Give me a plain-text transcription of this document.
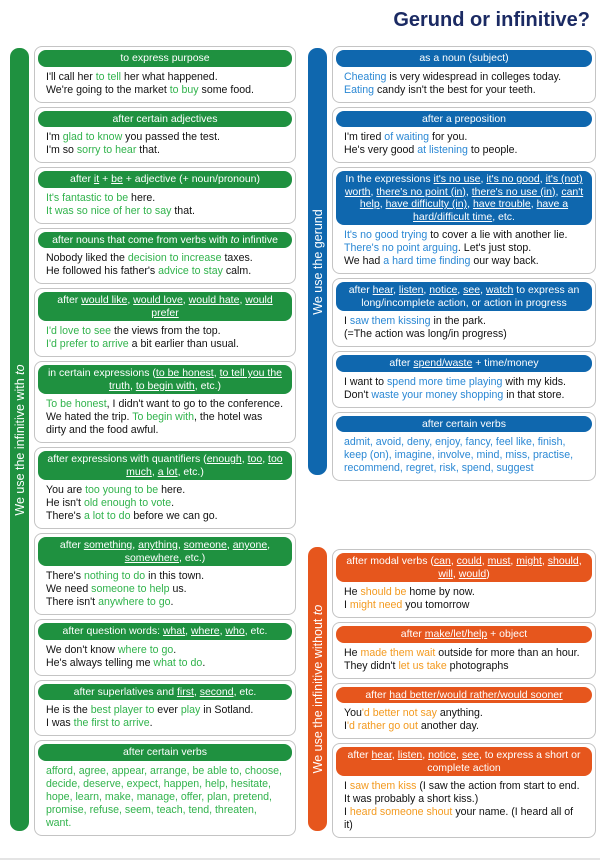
Gerund or infinitive?
We use the infinitive with to
We use the gerund
We use the infinitive without to
to express purpose

I'll call her to tell her what happened.

We're going to the market to buy some food.

after certain adjectives

I'm glad to know you passed the test.

I'm so sorry to hear that.

after it + be + adjective (+ noun/pronoun)

It's fantastic to be here.

It was so nice of her to say that.

after nouns that come from verbs with to infintive

Nobody liked the decision to increase taxes.

He followed his father's advice to stay calm.

after would like, would love, would hate, would prefer

I'd love to see the views from the top.

I'd prefer to arrive a bit earlier than usual.

in certain expressions (to be honest, to tell you the truth, to begin with, etc.)

To be honest, I didn't want to go to the conference.

We hated the trip. To begin with, the hotel was dirty and the food awful.

after expressions with quantifiers (enough, too, too much, a lot, etc.)

You are too young to be here.

He isn't old enough to vote.

There's a lot to do before we can go.

after something, anything, someone, anyone, somewhere, etc.)

There's nothing to do in this town.

We need someone to help us.

There isn't anywhere to go.

after question words: what, where, who, etc.

We don't know where to go.

He's always telling me what to do.

after superlatives and first, second, etc.

He is the best player to ever play in Sotland.

I was the first to arrive.

after certain verbs

afford, agree, appear, arrange, be able to, choose, decide, deserve, expect, happen, help, hesitate, hope, learn, make, manage, offer, plan, pretend, promise, refuse, seem, teach, tend, threaten, want.

as a noun (subject)

Cheating is very widespread in colleges today.

Eating candy isn't the best for your teeth.

after a preposition

I'm tired of waiting for you.

He's very good at listening to people.

In the expressions it's no use, it's no good, it's (not) worth, there's no point (in), there's no use (in), can't help, have difficulty (in), have trouble, have a hard/difficult time, etc.

It's no good trying to cover a lie with another lie.

There's no point arguing. Let's just stop.

We had a hard time finding our way back.

after hear, listen, notice, see, watch to express an long/incomplete action, or action in progress

I saw them kissing in the park.

(=The action was long/in progress)

after spend/waste + time/money

I want to spend more time playing with my kids.

Don't waste your money shopping in that store.

after certain verbs

admit, avoid, deny, enjoy, fancy, feel like, finish, keep (on), imagine, involve, mind, miss, practise, recommend, regret, risk, spend, suggest

after modal verbs (can, could, must, might, should, will, would)

He should be home by now.

I might need you tomorrow

after make/let/help + object

He made them wait outside for more than an hour.

They didn't let us take photographs

after had better/would rather/would sooner

You'd better not say anything.

I'd rather go out another day.

after hear, listen, notice, see, to express a short or complete action

I saw them kiss (I saw the action from start to end. It was probably a short kiss.)

I heard someone shout your name. (I heard all of it)
